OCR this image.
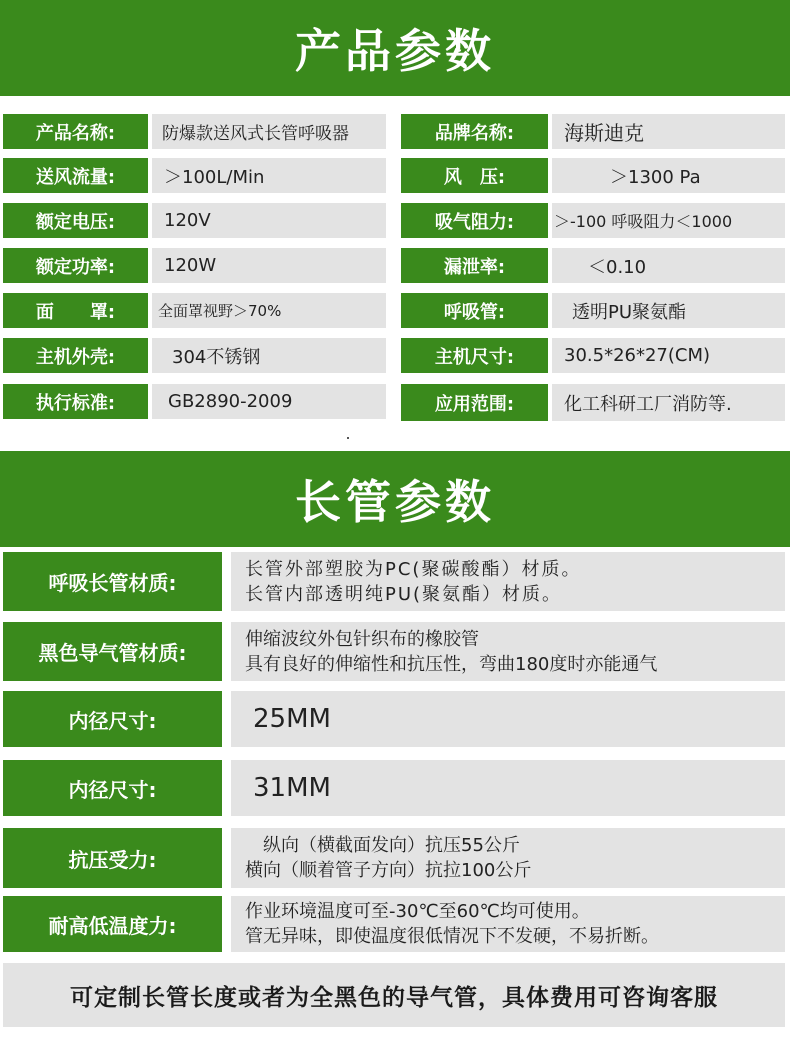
产品参数
产品名称:	防爆款送风式长管呼吸器	品牌名称:	海斯迪克
送风流量:	＞100L/Min	风　压:	＞1300 Pa
额定电压:	120V	吸气阻力:	＞-100 呼吸阻力＜1000
额定功率:	120W	漏泄率:	＜0.10
面　　罩:	全面罩视野＞70%	呼吸管:	透明PU聚氨酯
主机外壳:	304不锈钢	主机尺寸:	30.5*26*27(CM)
执行标准:	GB2890-2009	应用范围:	化工科研工厂消防等.
长管参数
呼吸长管材质:
长管外部塑胶为PC(聚碳酸酯）材质。
长管内部透明纯PU(聚氨酯）材质。
黑色导气管材质:
伸缩波纹外包针织布的橡胶管
具有良好的伸缩性和抗压性，弯曲180度时亦能通气
内径尺寸:	25MM
内径尺寸:	31MM
抗压受力:
纵向（横截面发向）抗压55公斤
横向（顺着管子方向）抗拉100公斤
耐高低温度力:
作业环境温度可至-30℃至60℃均可使用。
管无异味，即使温度很低情况下不发硬，不易折断。
可定制长管长度或者为全黑色的导气管，具体费用可咨询客服
